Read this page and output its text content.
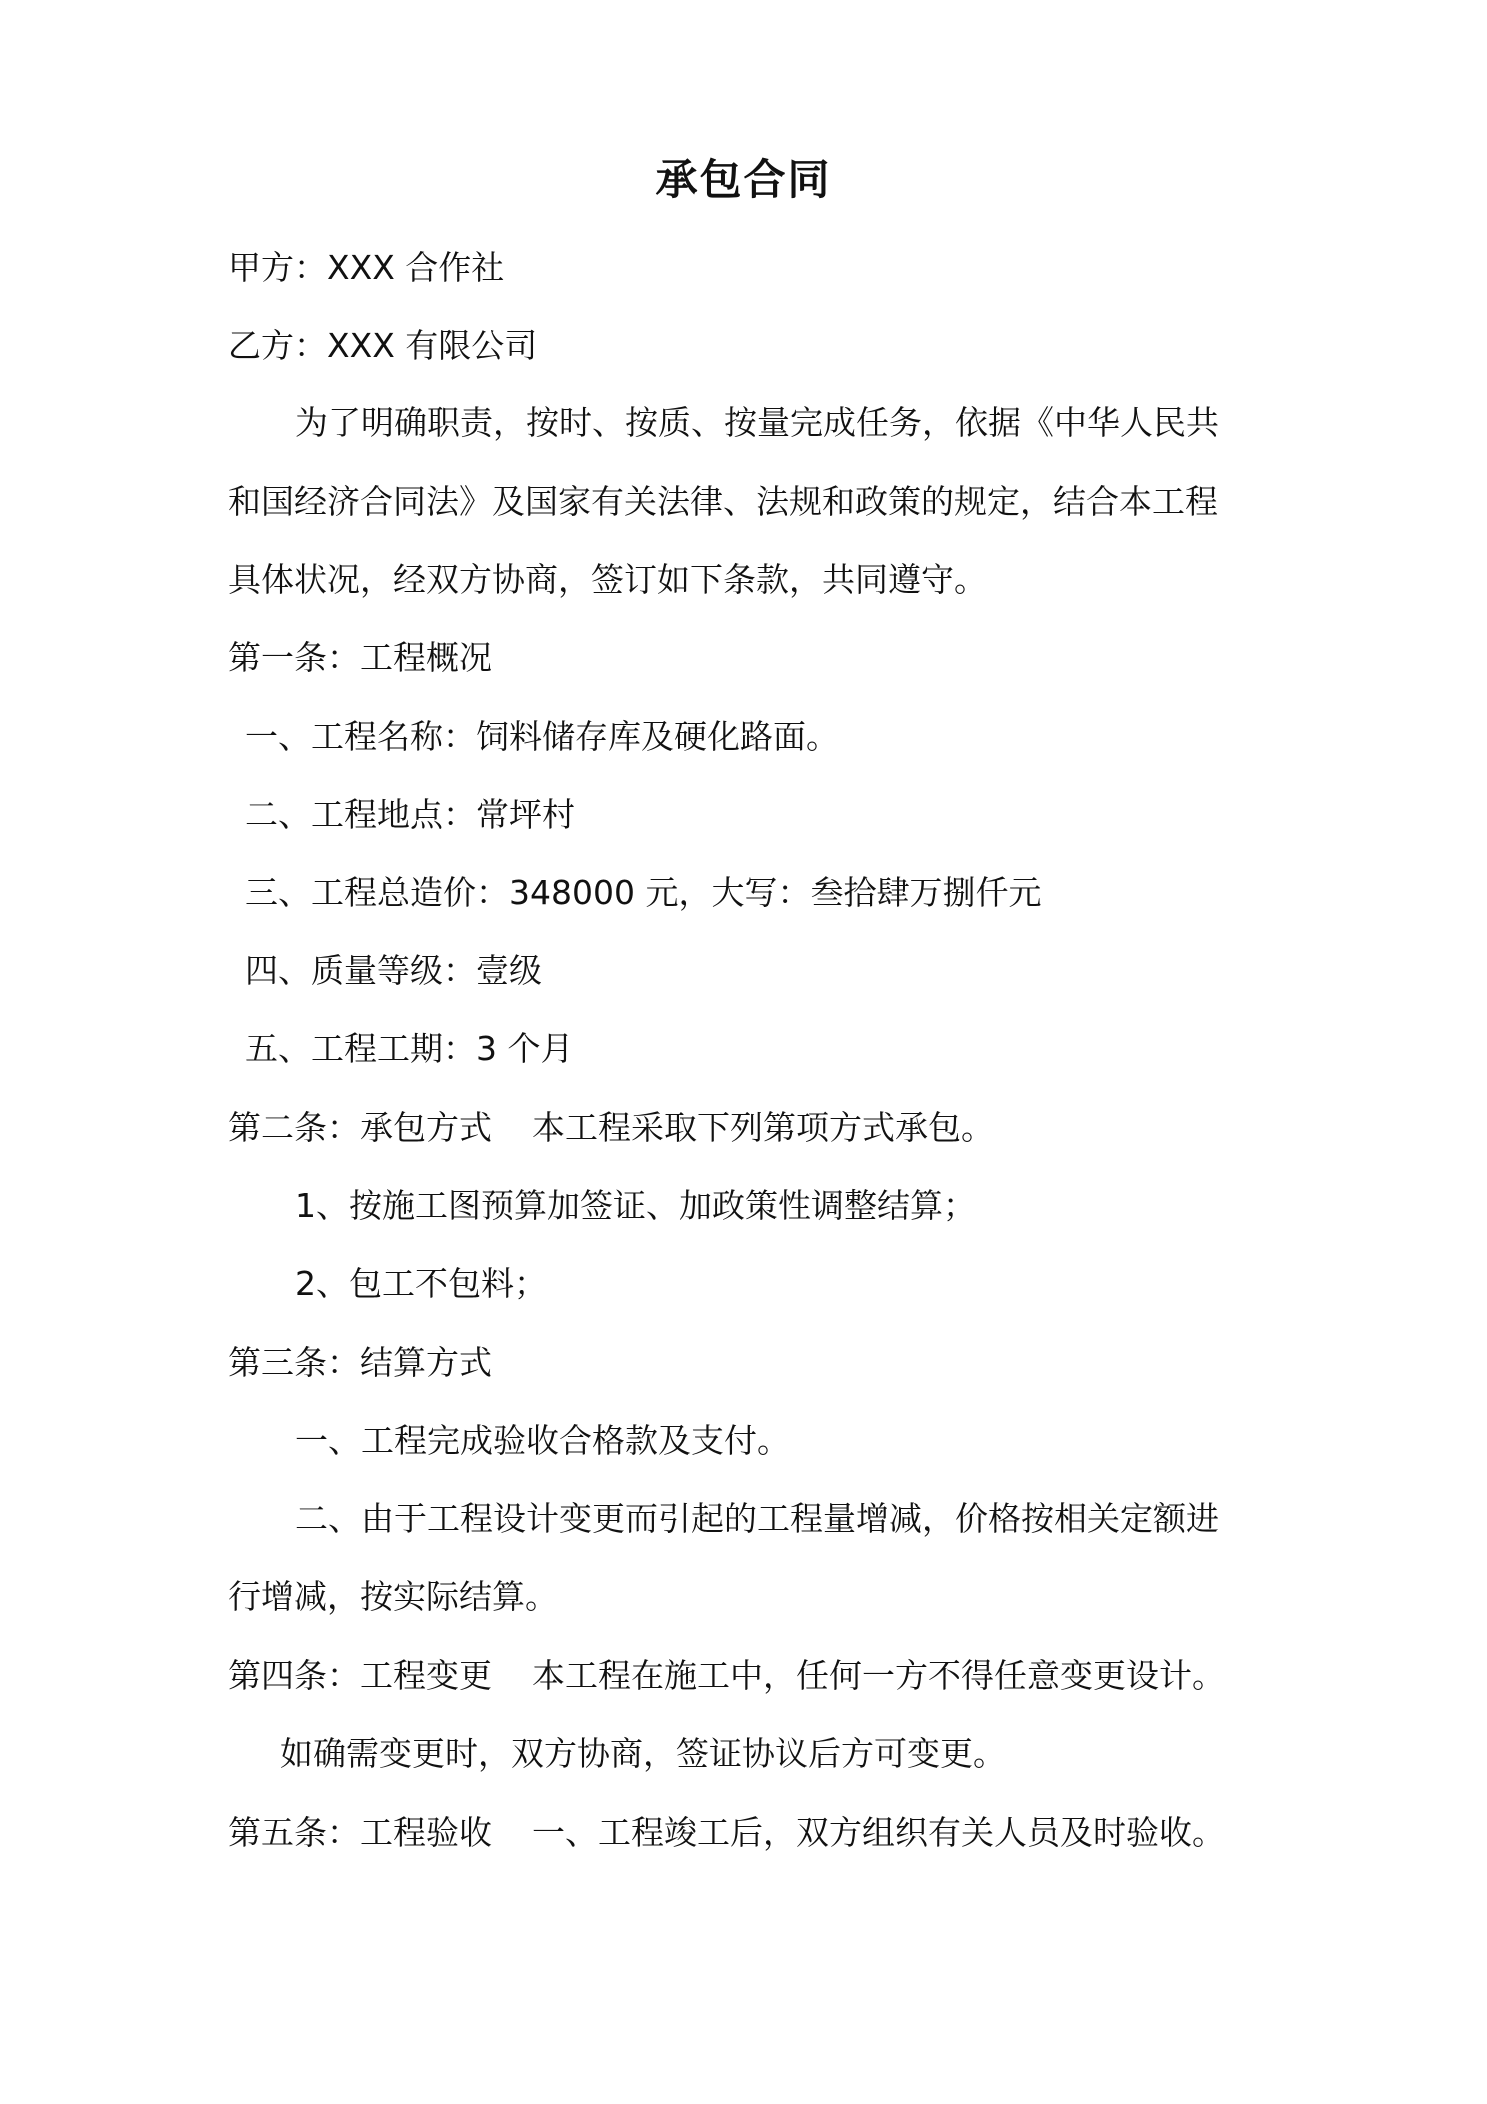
承包合同
甲方：XXX 合作社
乙方：XXX 有限公司
为了明确职责，按时、按质、按量完成任务，依据《中华人民共
和国经济合同法》及国家有关法律、法规和政策的规定，结合本工程
具体状况，经双方协商，签订如下条款，共同遵守。
第一条：工程概况
一、工程名称：饲料储存库及硬化路面。
二、工程地点：常坪村
三、工程总造价：348000 元，大写：叁拾肆万捌仟元
四、质量等级：壹级
五、工程工期：3 个月
第二条：承包方式 本工程采取下列第项方式承包。
1、按施工图预算加签证、加政策性调整结算；
2、包工不包料；
第三条：结算方式
一、工程完成验收合格款及支付。
二、由于工程设计变更而引起的工程量增减，价格按相关定额进
行增减，按实际结算。
第四条：工程变更 本工程在施工中，任何一方不得任意变更设计。
如确需变更时，双方协商，签证协议后方可变更。
第五条：工程验收 一、工程竣工后，双方组织有关人员及时验收。
